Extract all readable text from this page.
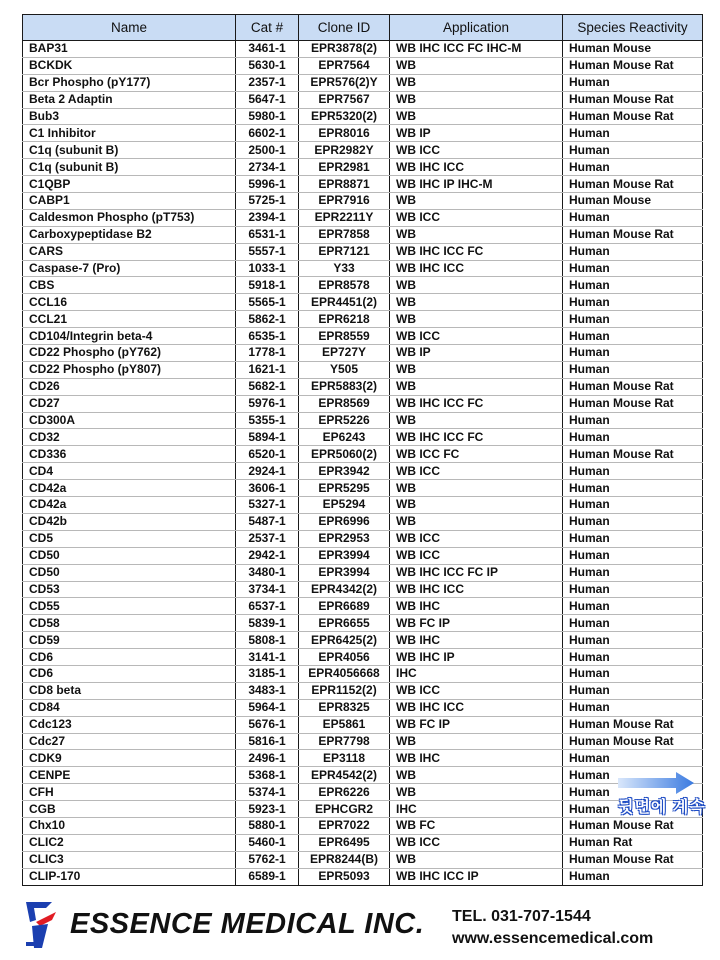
Name	Cat #	Clone ID	Application	Species Reactivity
BAP31	3461-1	EPR3878(2)	WB IHC ICC FC IHC-M	Human Mouse
BCKDK	5630-1	EPR7564	WB	Human Mouse Rat
Bcr Phospho (pY177)	2357-1	EPR576(2)Y	WB	Human
Beta 2 Adaptin	5647-1	EPR7567	WB	Human Mouse Rat
Bub3	5980-1	EPR5320(2)	WB	Human Mouse Rat
C1 Inhibitor	6602-1	EPR8016	WB IP	Human
C1q (subunit B)	2500-1	EPR2982Y	WB ICC	Human
C1q (subunit B)	2734-1	EPR2981	WB IHC ICC	Human
C1QBP	5996-1	EPR8871	WB IHC IP IHC-M	Human Mouse Rat
CABP1	5725-1	EPR7916	WB	Human Mouse
Caldesmon Phospho (pT753)	2394-1	EPR2211Y	WB ICC	Human
Carboxypeptidase B2	6531-1	EPR7858	WB	Human Mouse Rat
CARS	5557-1	EPR7121	WB IHC ICC FC	Human
Caspase-7 (Pro)	1033-1	Y33	WB IHC ICC	Human
CBS	5918-1	EPR8578	WB	Human
CCL16	5565-1	EPR4451(2)	WB	Human
CCL21	5862-1	EPR6218	WB	Human
CD104/Integrin beta-4	6535-1	EPR8559	WB ICC	Human
CD22 Phospho (pY762)	1778-1	EP727Y	WB IP	Human
CD22 Phospho (pY807)	1621-1	Y505	WB	Human
CD26	5682-1	EPR5883(2)	WB	Human Mouse Rat
CD27	5976-1	EPR8569	WB IHC ICC FC	Human Mouse Rat
CD300A	5355-1	EPR5226	WB	Human
CD32	5894-1	EP6243	WB IHC ICC FC	Human
CD336	6520-1	EPR5060(2)	WB ICC FC	Human Mouse Rat
CD4	2924-1	EPR3942	WB ICC	Human
CD42a	3606-1	EPR5295	WB	Human
CD42a	5327-1	EP5294	WB	Human
CD42b	5487-1	EPR6996	WB	Human
CD5	2537-1	EPR2953	WB ICC	Human
CD50	2942-1	EPR3994	WB ICC	Human
CD50	3480-1	EPR3994	WB IHC ICC FC IP	Human
CD53	3734-1	EPR4342(2)	WB IHC ICC	Human
CD55	6537-1	EPR6689	WB IHC	Human
CD58	5839-1	EPR6655	WB FC IP	Human
CD59	5808-1	EPR6425(2)	WB IHC	Human
CD6	3141-1	EPR4056	WB IHC IP	Human
CD6	3185-1	EPR4056668	IHC	Human
CD8 beta	3483-1	EPR1152(2)	WB ICC	Human
CD84	5964-1	EPR8325	WB IHC ICC	Human
Cdc123	5676-1	EP5861	WB FC IP	Human Mouse Rat
Cdc27	5816-1	EPR7798	WB	Human Mouse Rat
CDK9	2496-1	EP3118	WB IHC	Human
CENPE	5368-1	EPR4542(2)	WB	Human
CFH	5374-1	EPR6226	WB	Human
CGB	5923-1	EPHCGR2	IHC	Human
Chx10	5880-1	EPR7022	WB FC	Human Mouse Rat
CLIC2	5460-1	EPR6495	WB ICC	Human Rat
CLIC3	5762-1	EPR8244(B)	WB	Human Mouse Rat
CLIP-170	6589-1	EPR5093	WB IHC ICC IP	Human
뒷면에 계속
ESSENCE MEDICAL INC. TEL. 031-707-1544
www.essencemedical.com
